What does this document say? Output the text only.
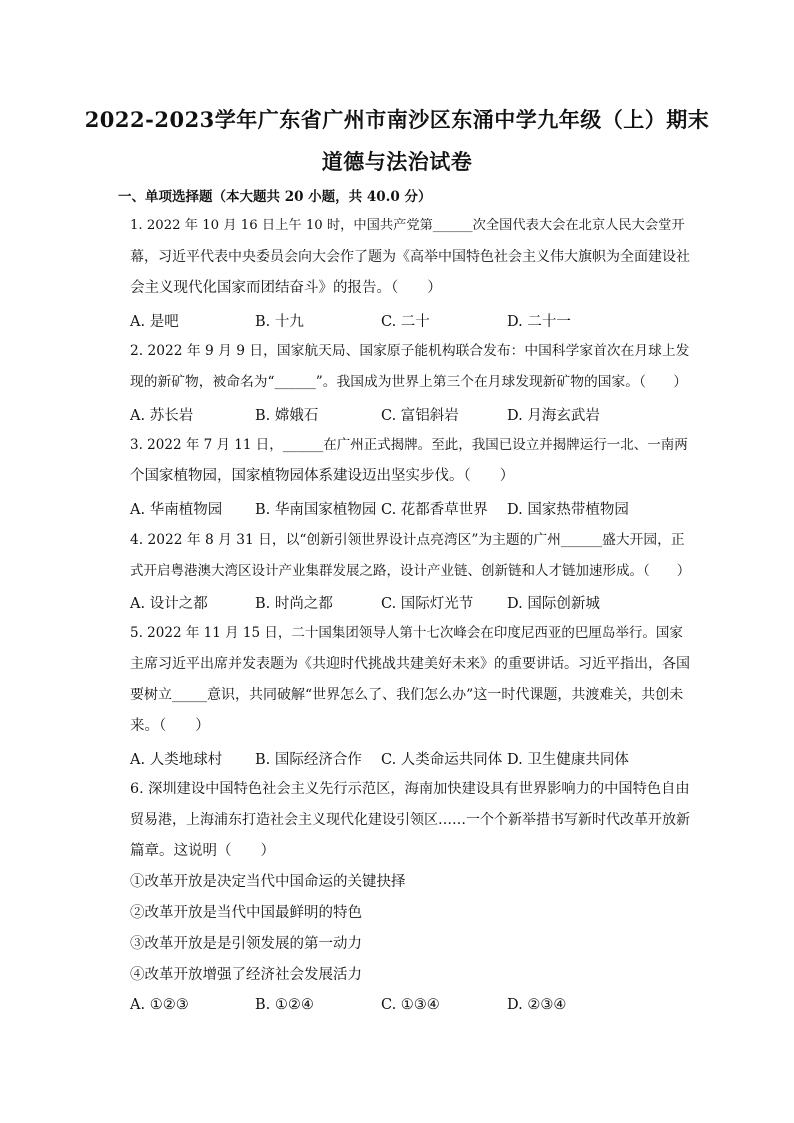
2022-2023学年广东省广州市南沙区东涌中学九年级（上）期末
道德与法治试卷
一、单项选择题（本大题共 20 小题，共 40.0 分）
1. 2022 年 10 月 16 日上午 10 时，中国共产党第______次全国代表大会在北京人民大会堂开
幕，习近平代表中央委员会向大会作了题为《高举中国特色社会主义伟大旗帜为全面建设社
会主义现代化国家而团结奋斗》的报告。（　　）
A. 是吧	B. 十九	C. 二十	D. 二十一
2. 2022 年 9 月 9 日，国家航天局、国家原子能机构联合发布：中国科学家首次在月球上发
现的新矿物，被命名为“______”。我国成为世界上第三个在月球发现新矿物的国家。（　　）
A. 苏长岩	B. 嫦娥石	C. 富铝斜岩	D. 月海玄武岩
3. 2022 年 7 月 11 日，______在广州正式揭牌。至此，我国已设立并揭牌运行一北、一南两
个国家植物园，国家植物园体系建设迈出坚实步伐。（　　）
A. 华南植物园 B. 华南国家植物园 C. 花都香草世界 D. 国家热带植物园
4. 2022 年 8 月 31 日，以“创新引领世界设计点亮湾区”为主题的广州______盛大开园，正
式开启粤港澳大湾区设计产业集群发展之路，设计产业链、创新链和人才链加速形成。（　　）
A. 设计之都	B. 时尚之都	C. 国际灯光节 D. 国际创新城
5. 2022 年 11 月 15 日，二十国集团领导人第十七次峰会在印度尼西亚的巴厘岛举行。国家
主席习近平出席并发表题为《共迎时代挑战共建美好未来》的重要讲话。习近平指出，各国
要树立_____意识，共同破解“世界怎么了、我们怎么办”这一时代课题，共渡难关，共创未
来。（　　）
A. 人类地球村 B. 国际经济合作 C. 人类命运共同体 D. 卫生健康共同体
6. 深圳建设中国特色社会主义先行示范区，海南加快建设具有世界影响力的中国特色自由
贸易港，上海浦东打造社会主义现代化建设引领区……一个个新举措书写新时代改革开放新
篇章。这说明（　　）
①改革开放是决定当代中国命运的关键抉择
②改革开放是当代中国最鲜明的特色
③改革开放是是引领发展的第一动力
④改革开放增强了经济社会发展活力
A. ①②③	B. ①②④	C. ①③④	D. ②③④
